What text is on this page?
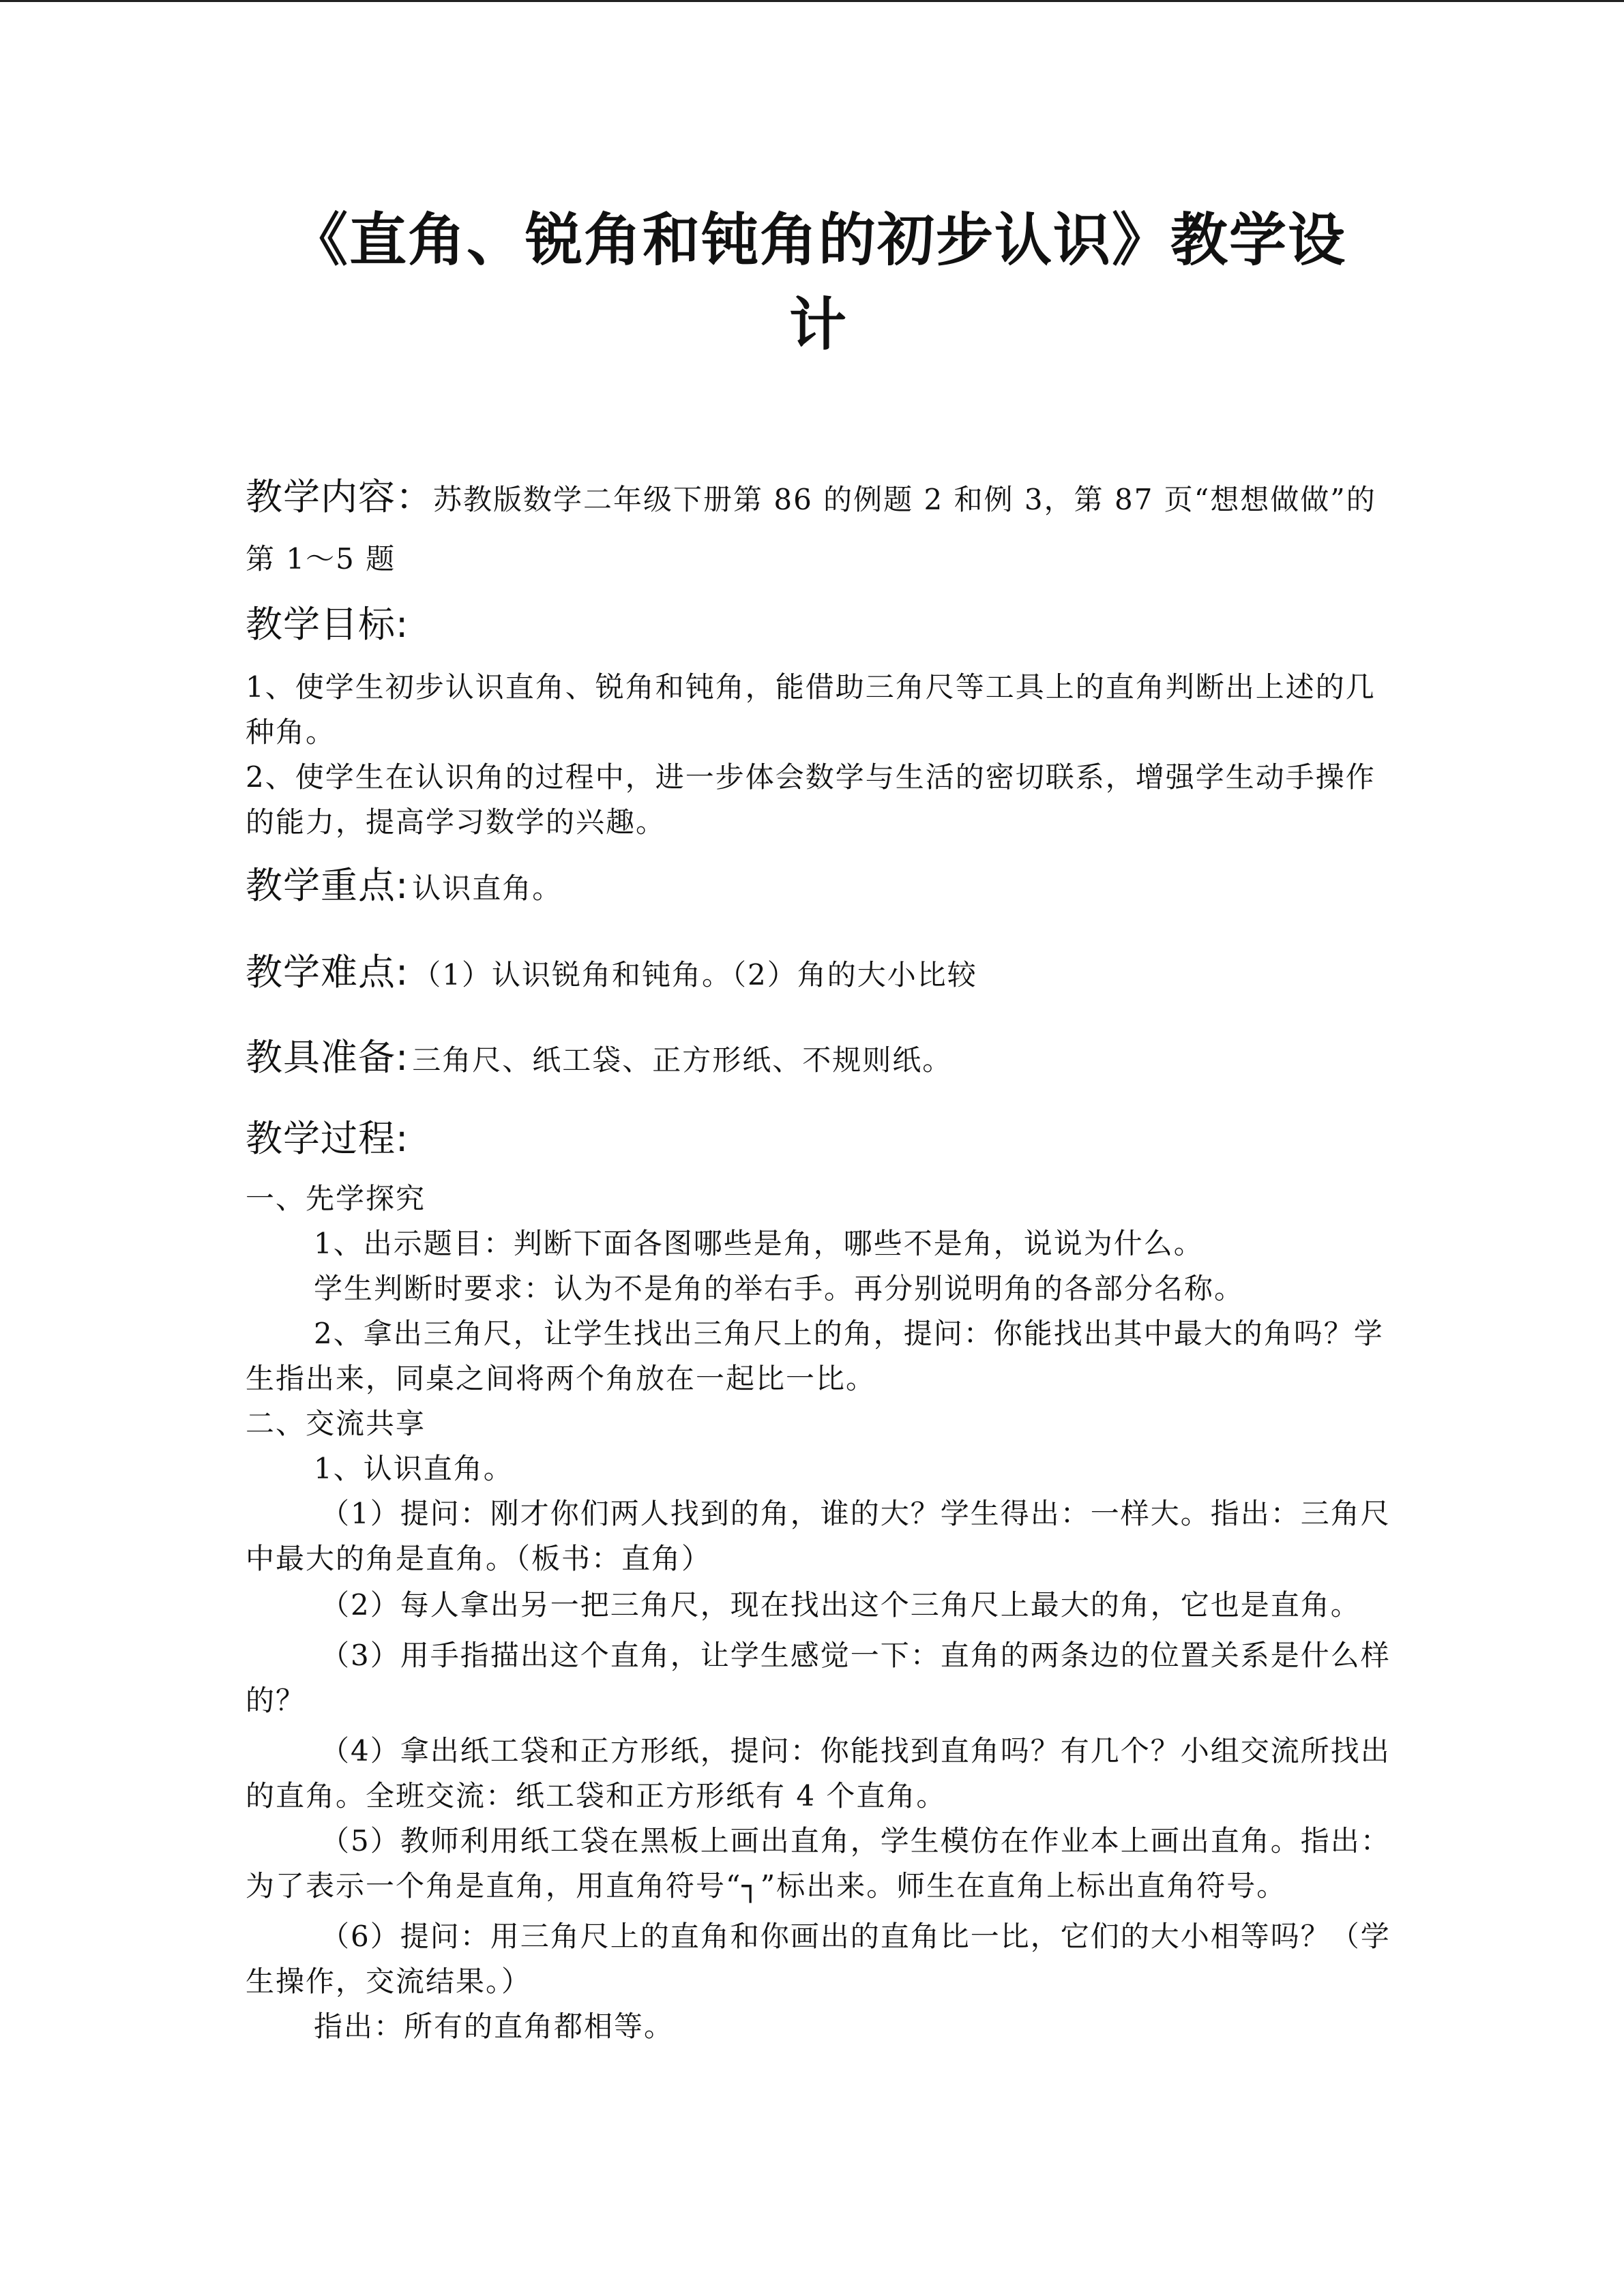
《直角、锐角和钝角的初步认识》教学设
计

教学内容：苏教版数学二年级下册第 86 的例题 2 和例 3，第 87 页“想想做做”的第 1～5 题

教学目标:

1、使学生初步认识直角、锐角和钝角，能借助三角尺等工具上的直角判断出上述的几种角。

2、使学生在认识角的过程中，进一步体会数学与生活的密切联系，增强学生动手操作的能力，提高学习数学的兴趣。

教学重点: 认识直角。
教学难点: （1）认识锐角和钝角。（2）角的大小比较
教具准备: 三角尺、纸工袋、正方形纸、不规则纸。
教学过程:

一、先学探究

1、出示题目：判断下面各图哪些是角，哪些不是角，说说为什么。

学生判断时要求：认为不是角的举右手。再分别说明角的各部分名称。

2、拿出三角尺，让学生找出三角尺上的角，提问：你能找出其中最大的角吗？学生指出来，同桌之间将两个角放在一起比一比。

二、交流共享

1、认识直角。

（1）提问：刚才你们两人找到的角，谁的大？学生得出：一样大。指出：三角尺中最大的角是直角。（板书：直角）

（2）每人拿出另一把三角尺，现在找出这个三角尺上最大的角，它也是直角。

（3）用手指描出这个直角，让学生感觉一下：直角的两条边的位置关系是什么样的？

（4）拿出纸工袋和正方形纸，提问：你能找到直角吗？有几个？小组交流所找出的直角。全班交流：纸工袋和正方形纸有 4 个直角。

（5）教师利用纸工袋在黑板上画出直角，学生模仿在作业本上画出直角。指出：为了表示一个角是直角，用直角符号“┐”标出来。师生在直角上标出直角符号。

（6）提问：用三角尺上的直角和你画出的直角比一比，它们的大小相等吗？（学生操作，交流结果。）

指出：所有的直角都相等。
